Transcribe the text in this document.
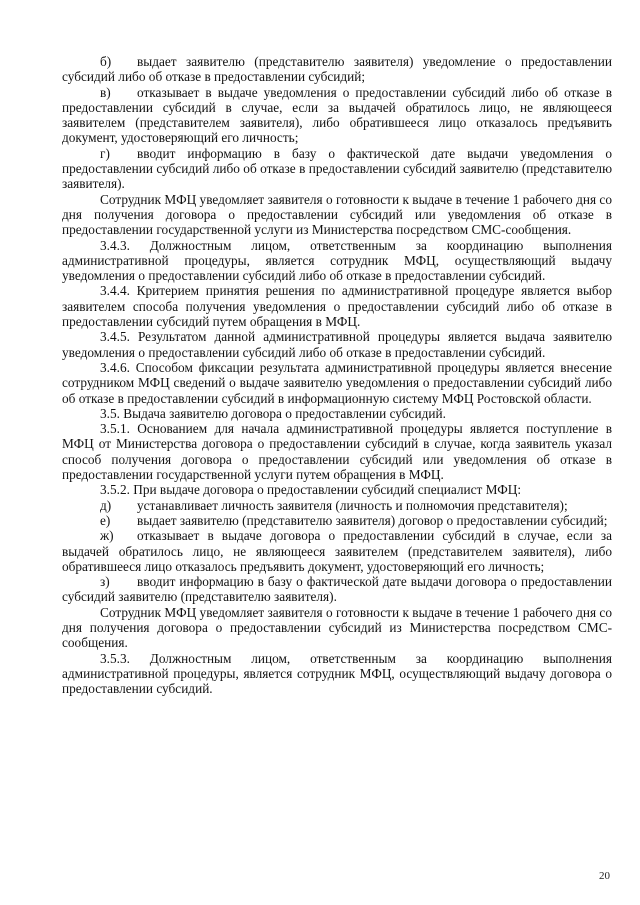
б) выдает заявителю (представителю заявителя) уведомление о предоставлении субсидий либо об отказе в предоставлении субсидий;

в) отказывает в выдаче уведомления о предоставлении субсидий либо об отказе в предоставлении субсидий в случае, если за выдачей обратилось лицо, не являющееся заявителем (представителем заявителя), либо обратившееся лицо отказалось предъявить документ, удостоверяющий его личность;

г) вводит информацию в базу о фактической дате выдачи уведомления о предоставлении субсидий либо об отказе в предоставлении субсидий заявителю (представителю заявителя).

Сотрудник МФЦ уведомляет заявителя о готовности к выдаче в течение 1 рабочего дня со дня получения договора о предоставлении субсидий или уведомления об отказе в предоставлении государственной услуги из Министерства посредством СМС-сообщения.

3.4.3. Должностным лицом, ответственным за координацию выполнения административной процедуры, является сотрудник МФЦ, осуществляющий выдачу уведомления о предоставлении субсидий либо об отказе в предоставлении субсидий.

3.4.4. Критерием принятия решения по административной процедуре является выбор заявителем способа получения уведомления о предоставлении субсидий либо об отказе в предоставлении субсидий путем обращения в МФЦ.

3.4.5. Результатом данной административной процедуры является выдача заявителю уведомления о предоставлении субсидий либо об отказе в предоставлении субсидий.

3.4.6. Способом фиксации результата административной процедуры является внесение сотрудником МФЦ сведений о выдаче заявителю уведомления о предоставлении субсидий либо об отказе в предоставлении субсидий в информационную систему МФЦ Ростовской области.

3.5. Выдача заявителю договора о предоставлении субсидий.

3.5.1. Основанием для начала административной процедуры является поступление в МФЦ от Министерства договора о предоставлении субсидий в случае, когда заявитель указал способ получения договора о предоставлении субсидий или уведомления об отказе в предоставлении государственной услуги путем обращения в МФЦ.

3.5.2. При выдаче договора о предоставлении субсидий специалист МФЦ:

д) устанавливает личность заявителя (личность и полномочия представителя);

е) выдает заявителю (представителю заявителя) договор о предоставлении субсидий;

ж) отказывает в выдаче договора о предоставлении субсидий в случае, если за выдачей обратилось лицо, не являющееся заявителем (представителем заявителя), либо обратившееся лицо отказалось предъявить документ, удостоверяющий его личность;

з) вводит информацию в базу о фактической дате выдачи договора о предоставлении субсидий заявителю (представителю заявителя).

Сотрудник МФЦ уведомляет заявителя о готовности к выдаче в течение 1 рабочего дня со дня получения договора о предоставлении субсидий из Министерства посредством СМС-сообщения.

3.5.3. Должностным лицом, ответственным за координацию выполнения административной процедуры, является сотрудник МФЦ, осуществляющий выдачу договора о предоставлении субсидий.

20
